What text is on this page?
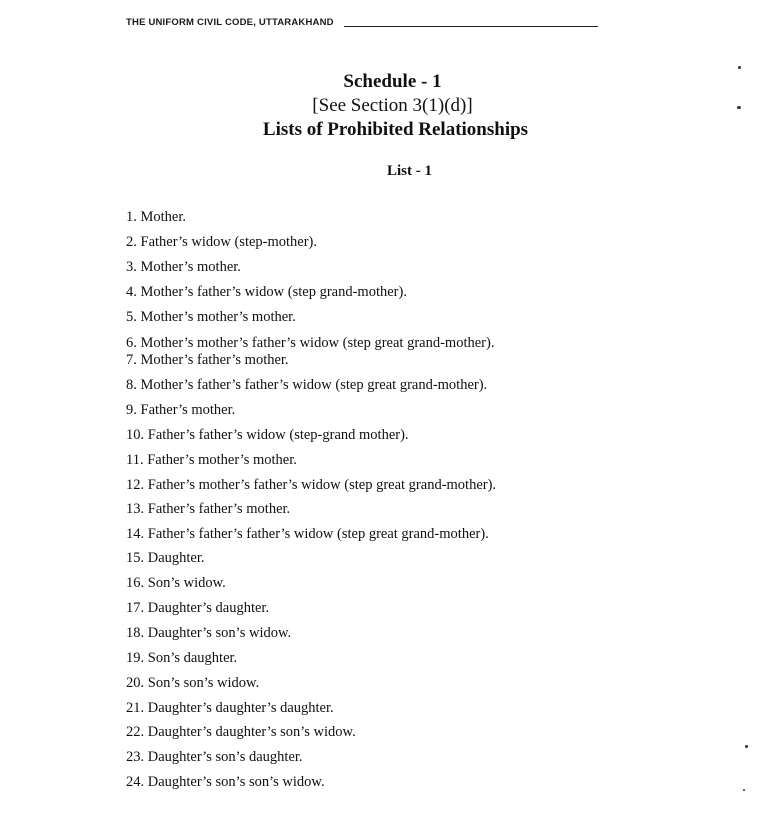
THE UNIFORM CIVIL CODE, UTTARAKHAND
Schedule - 1
[See Section 3(1)(d)]
Lists of Prohibited Relationships
List - 1
1. Mother.
2. Father’s widow (step-mother).
3. Mother’s mother.
4. Mother’s father’s widow (step grand-mother).
5. Mother’s mother’s mother.
6. Mother’s mother’s father’s widow (step great grand-mother).
7. Mother’s father’s mother.
8. Mother’s father’s father’s widow (step great grand-mother).
9. Father’s mother.
10. Father’s father’s widow (step-grand mother).
11. Father’s mother’s mother.
12. Father’s mother’s father’s widow (step great grand-mother).
13. Father’s father’s mother.
14. Father’s father’s father’s widow (step great grand-mother).
15. Daughter.
16. Son’s widow.
17. Daughter’s daughter.
18. Daughter’s son’s widow.
19. Son’s daughter.
20. Son’s son’s widow.
21. Daughter’s daughter’s daughter.
22. Daughter’s daughter’s son’s widow.
23. Daughter’s son’s daughter.
24. Daughter’s son’s son’s widow.
